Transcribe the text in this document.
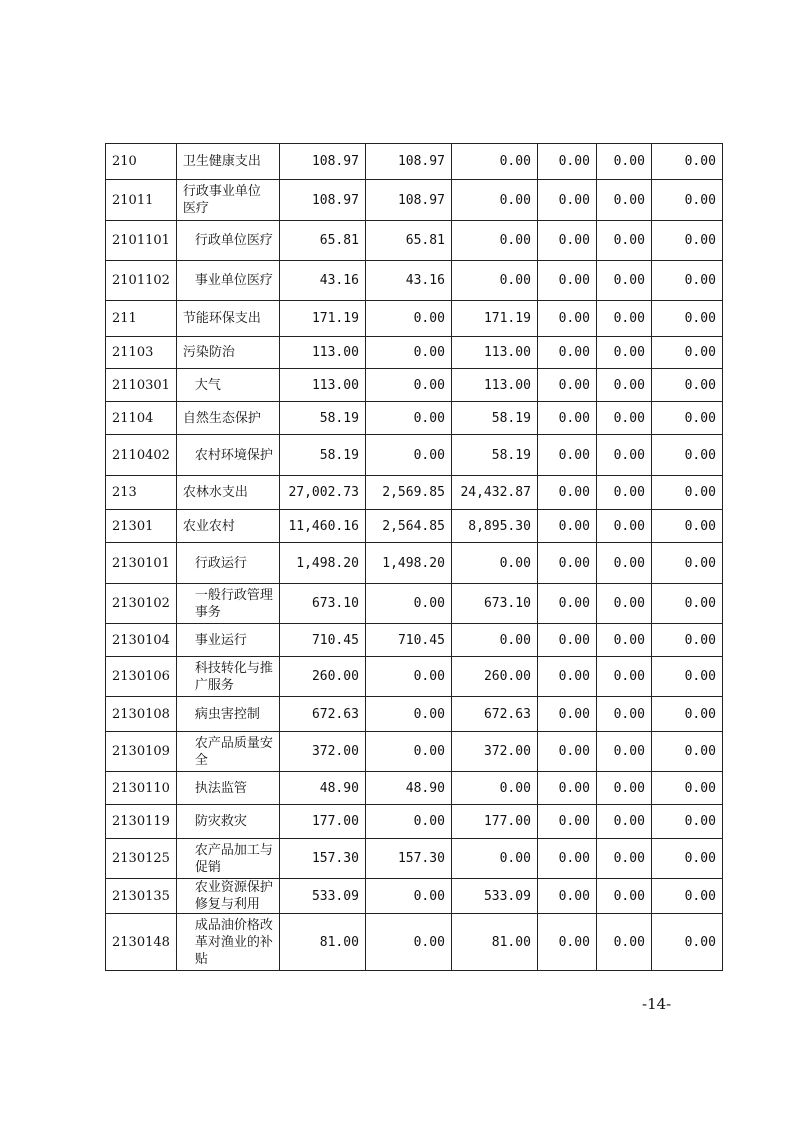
210	卫生健康支出	108.97	108.97	0.00	0.00	0.00	0.00
21011	行政事业单位医疗	108.97	108.97	0.00	0.00	0.00	0.00
2101101	行政单位医疗	65.81	65.81	0.00	0.00	0.00	0.00
2101102	事业单位医疗	43.16	43.16	0.00	0.00	0.00	0.00
211	节能环保支出	171.19	0.00	171.19	0.00	0.00	0.00
21103	污染防治	113.00	0.00	113.00	0.00	0.00	0.00
2110301	大气	113.00	0.00	113.00	0.00	0.00	0.00
21104	自然生态保护	58.19	0.00	58.19	0.00	0.00	0.00
2110402	农村环境保护	58.19	0.00	58.19	0.00	0.00	0.00
213	农林水支出	27,002.73	2,569.85	24,432.87	0.00	0.00	0.00
21301	农业农村	11,460.16	2,564.85	8,895.30	0.00	0.00	0.00
2130101	行政运行	1,498.20	1,498.20	0.00	0.00	0.00	0.00
2130102	一般行政管理事务	673.10	0.00	673.10	0.00	0.00	0.00
2130104	事业运行	710.45	710.45	0.00	0.00	0.00	0.00
2130106	科技转化与推广服务	260.00	0.00	260.00	0.00	0.00	0.00
2130108	病虫害控制	672.63	0.00	672.63	0.00	0.00	0.00
2130109	农产品质量安全	372.00	0.00	372.00	0.00	0.00	0.00
2130110	执法监管	48.90	48.90	0.00	0.00	0.00	0.00
2130119	防灾救灾	177.00	0.00	177.00	0.00	0.00	0.00
2130125	农产品加工与促销	157.30	157.30	0.00	0.00	0.00	0.00
2130135	农业资源保护修复与利用	533.09	0.00	533.09	0.00	0.00	0.00
2130148	成品油价格改革对渔业的补贴	81.00	0.00	81.00	0.00	0.00	0.00
-14-
